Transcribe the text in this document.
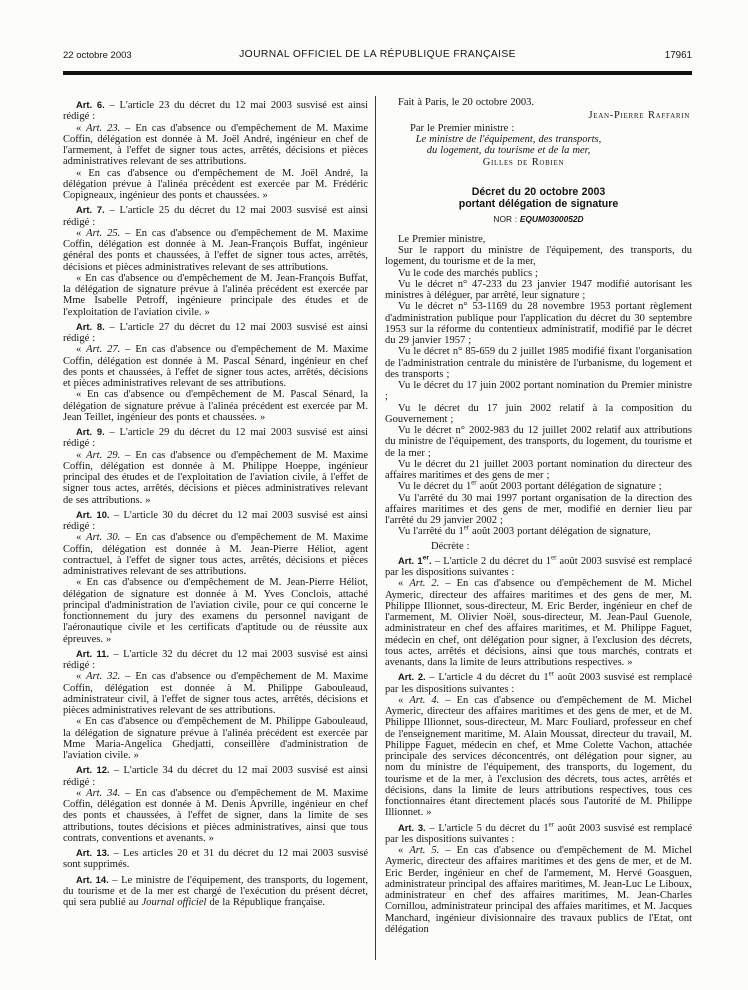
22 octobre 2003	JOURNAL OFFICIEL DE LA RÉPUBLIQUE FRANÇAISE	17961

Art. 6. – L'article 23 du décret du 12 mai 2003 susvisé est ainsi rédigé :

« Art. 23. – En cas d'absence ou d'empêchement de M. Maxime Coffin, délégation est donnée à M. Joël André, ingénieur en chef de l'armement, à l'effet de signer tous actes, arrêtés, décisions et pièces administratives relevant de ses attributions.

« En cas d'absence ou d'empêchement de M. Joël André, la délégation prévue à l'alinéa précédent est exercée par M. Frédéric Copigneaux, ingénieur des ponts et chaussées. »

Art. 7. – L'article 25 du décret du 12 mai 2003 susvisé est ainsi rédigé :

« Art. 25. – En cas d'absence ou d'empêchement de M. Maxime Coffin, délégation est donnée à M. Jean-François Buffat, ingénieur général des ponts et chaussées, à l'effet de signer tous actes, arrêtés, décisions et pièces administratives relevant de ses attributions.

« En cas d'absence ou d'empêchement de M. Jean-François Buffat, la délégation de signature prévue à l'alinéa précédent est exercée par Mme Isabelle Petroff, ingénieure principale des études et de l'exploitation de l'aviation civile. »

Art. 8. – L'article 27 du décret du 12 mai 2003 susvisé est ainsi rédigé :

« Art. 27. – En cas d'absence ou d'empêchement de M. Maxime Coffin, délégation est donnée à M. Pascal Sénard, ingénieur en chef des ponts et chaussées, à l'effet de signer tous actes, arrêtés, décisions et pièces administratives relevant de ses attributions.

« En cas d'absence ou d'empêchement de M. Pascal Sénard, la délégation de signature prévue à l'alinéa précédent est exercée par M. Jean Teillet, ingénieur des ponts et chaussées. »

Art. 9. – L'article 29 du décret du 12 mai 2003 susvisé est ainsi rédigé :

« Art. 29. – En cas d'absence ou d'empêchement de M. Maxime Coffin, délégation est donnée à M. Philippe Hoeppe, ingénieur principal des études et de l'exploitation de l'aviation civile, à l'effet de signer tous actes, arrêtés, décisions et pièces administratives relevant de ses attributions. »

Art. 10. – L'article 30 du décret du 12 mai 2003 susvisé est ainsi rédigé :

« Art. 30. – En cas d'absence ou d'empêchement de M. Maxime Coffin, délégation est donnée à M. Jean-Pierre Héliot, agent contractuel, à l'effet de signer tous actes, arrêtés, décisions et pièces administratives relevant de ses attributions.

« En cas d'absence ou d'empêchement de M. Jean-Pierre Héliot, délégation de signature est donnée à M. Yves Conclois, attaché principal d'administration de l'aviation civile, pour ce qui concerne le fonctionnement du jury des examens du personnel navigant de l'aéronautique civile et les certificats d'aptitude ou de réussite aux épreuves. »

Art. 11. – L'article 32 du décret du 12 mai 2003 susvisé est ainsi rédigé :

« Art. 32. – En cas d'absence ou d'empêchement de M. Maxime Coffin, délégation est donnée à M. Philippe Gabouleaud, administrateur civil, à l'effet de signer tous actes, arrêtés, décisions et pièces administratives relevant de ses attributions.

« En cas d'absence ou d'empêchement de M. Philippe Gabouleaud, la délégation de signature prévue à l'alinéa précédent est exercée par Mme Maria-Angelica Ghedjatti, conseillère d'administration de l'aviation civile. »

Art. 12. – L'article 34 du décret du 12 mai 2003 susvisé est ainsi rédigé :

« Art. 34. – En cas d'absence ou d'empêchement de M. Maxime Coffin, délégation est donnée à M. Denis Apvrille, ingénieur en chef des ponts et chaussées, à l'effet de signer, dans la limite de ses attributions, toutes décisions et pièces administratives, ainsi que tous contrats, conventions et avenants. »

Art. 13. – Les articles 20 et 31 du décret du 12 mai 2003 susvisé sont supprimés.

Art. 14. – Le ministre de l'équipement, des transports, du logement, du tourisme et de la mer est chargé de l'exécution du présent décret, qui sera publié au Journal officiel de la République française.

Fait à Paris, le 20 octobre 2003.

Jean-Pierre Raffarin

Par le Premier ministre :

Le ministre de l'équipement, des transports,

du logement, du tourisme et de la mer,

Gilles de Robien

Décret du 20 octobre 2003

portant délégation de signature

NOR : EQUM0300052D

Le Premier ministre,

Sur le rapport du ministre de l'équipement, des transports, du logement, du tourisme et de la mer,

Vu le code des marchés publics ;

Vu le décret n° 47-233 du 23 janvier 1947 modifié autorisant les ministres à déléguer, par arrêté, leur signature ;

Vu le décret n° 53-1169 du 28 novembre 1953 portant règlement d'administration publique pour l'application du décret du 30 septembre 1953 sur la réforme du contentieux administratif, modifié par le décret du 29 janvier 1957 ;

Vu le décret n° 85-659 du 2 juillet 1985 modifié fixant l'organisation de l'administration centrale du ministère de l'urbanisme, du logement et des transports ;

Vu le décret du 17 juin 2002 portant nomination du Premier ministre ;

Vu le décret du 17 juin 2002 relatif à la composition du Gouvernement ;

Vu le décret n° 2002-983 du 12 juillet 2002 relatif aux attributions du ministre de l'équipement, des transports, du logement, du tourisme et de la mer ;

Vu le décret du 21 juillet 2003 portant nomination du directeur des affaires maritimes et des gens de mer ;

Vu le décret du 1er août 2003 portant délégation de signature ;

Vu l'arrêté du 30 mai 1997 portant organisation de la direction des affaires maritimes et des gens de mer, modifié en dernier lieu par l'arrêté du 29 janvier 2002 ;

Vu l'arrêté du 1er août 2003 portant délégation de signature,

Décrète :

Art. 1er. – L'article 2 du décret du 1er août 2003 susvisé est remplacé par les dispositions suivantes :

« Art. 2. – En cas d'absence ou d'empêchement de M. Michel Aymeric, directeur des affaires maritimes et des gens de mer, M. Philippe Illionnet, sous-directeur, M. Eric Berder, ingénieur en chef de l'armement, M. Olivier Noël, sous-directeur, M. Jean-Paul Guenole, administrateur en chef des affaires maritimes, et M. Philippe Faguet, médecin en chef, ont délégation pour signer, à l'exclusion des décrets, tous actes, arrêtés et décisions, ainsi que tous marchés, contrats et avenants, dans la limite de leurs attributions respectives. »

Art. 2. – L'article 4 du décret du 1er août 2003 susvisé est remplacé par les dispositions suivantes :

« Art. 4. – En cas d'absence ou d'empêchement de M. Michel Aymeric, directeur des affaires maritimes et des gens de mer, et de M. Philippe Illionnet, sous-directeur, M. Marc Fouliard, professeur en chef de l'enseignement maritime, M. Alain Moussat, directeur du travail, M. Philippe Faguet, médecin en chef, et Mme Colette Vachon, attachée principale des services déconcentrés, ont délégation pour signer, au nom du ministre de l'équipement, des transports, du logement, du tourisme et de la mer, à l'exclusion des décrets, tous actes, arrêtés et décisions, dans la limite de leurs attributions respectives, tous ces fonctionnaires étant directement placés sous l'autorité de M. Philippe Illionnet. »

Art. 3. – L'article 5 du décret du 1er août 2003 susvisé est remplacé par les dispositions suivantes :

« Art. 5. – En cas d'absence ou d'empêchement de M. Michel Aymeric, directeur des affaires maritimes et des gens de mer, et de M. Eric Berder, ingénieur en chef de l'armement, M. Hervé Goasguen, administrateur principal des affaires maritimes, M. Jean-Luc Le Liboux, administrateur en chef des affaires maritimes, M. Jean-Charles Cornillou, administrateur principal des affaies maritimes, et M. Jacques Manchard, ingénieur divisionnaire des travaux publics de l'Etat, ont délégation
